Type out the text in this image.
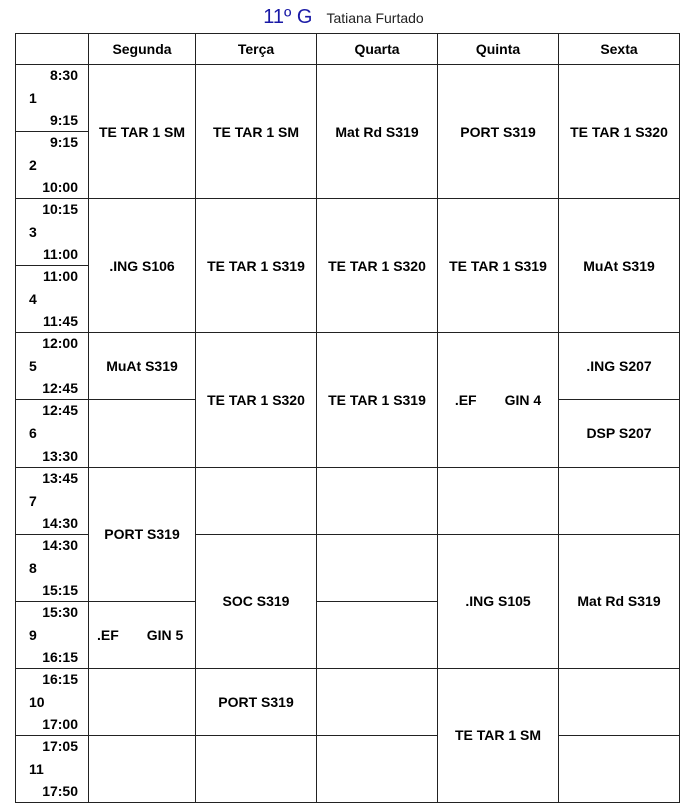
11º G Tatiana Furtado
	Segunda	Terça	Quarta	Quinta	Sexta

8:30
1
9:15	TE TAR 1 SM	TE TAR 1 SM	Mat Rd S319	PORT S319	TE TAR 1 S320

9:15
2
10:00					

10:15
3
11:00	.ING S106	TE TAR 1 S319	TE TAR 1 S320	TE TAR 1 S319	MuAt S319

11:00
4
11:45					

12:00
5
12:45	MuAt S319	TE TAR 1 S320	TE TAR 1 S319	.EF GIN 4	.ING S207

12:45
6
13:30					DSP S207

13:45
7
14:30	PORT S319				

14:30
8
15:15		SOC S319		.ING S105	Mat Rd S319

15:30
9
16:15	.EF GIN 5				

16:15
10
17:00		PORT S319		TE TAR 1 SM	

17:05
11
17:50					
